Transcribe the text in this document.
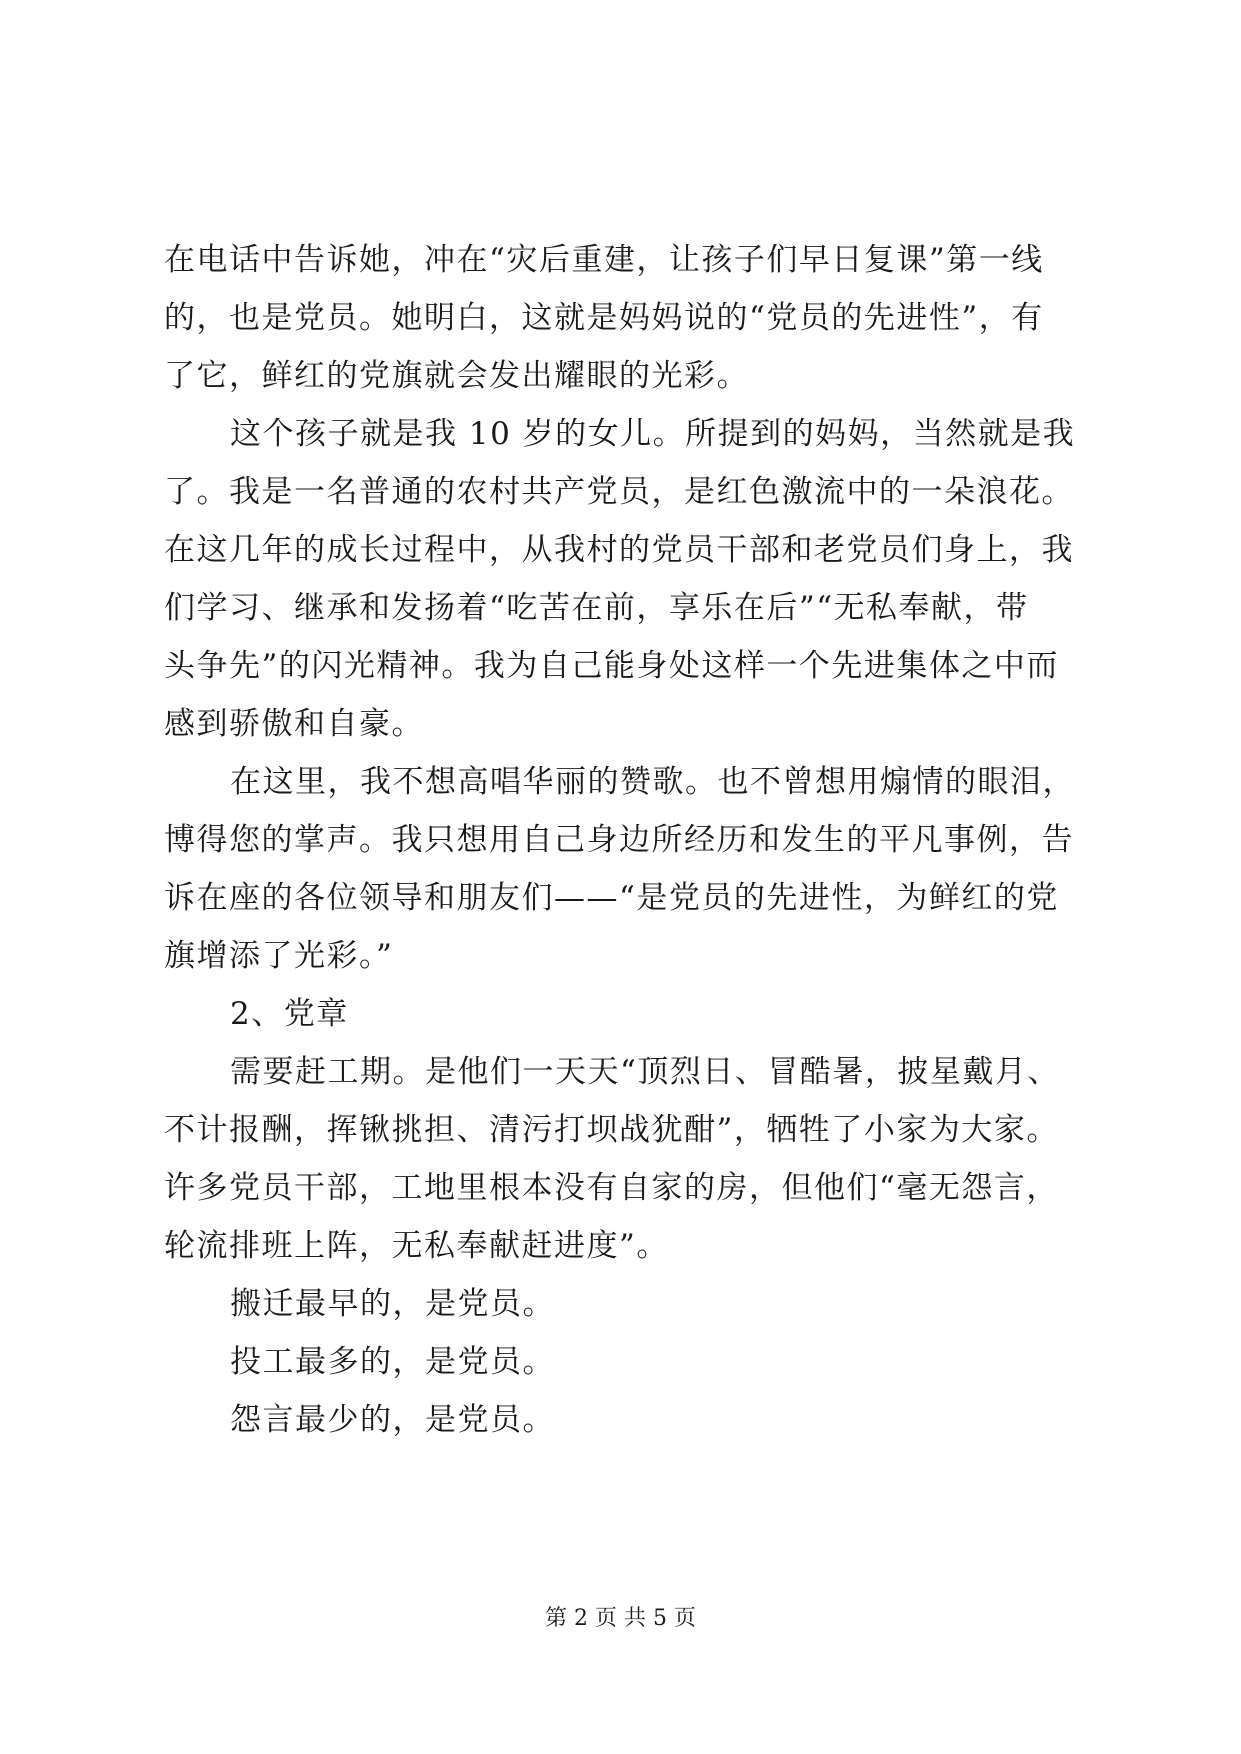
在电话中告诉她，冲在“灾后重建，让孩子们早日复课”第一线
的，也是党员。她明白，这就是妈妈说的“党员的先进性”，有
了它，鲜红的党旗就会发出耀眼的光彩。
这个孩子就是我 10 岁的女儿。所提到的妈妈，当然就是我
了。我是一名普通的农村共产党员，是红色激流中的一朵浪花。
在这几年的成长过程中，从我村的党员干部和老党员们身上，我
们学习、继承和发扬着“吃苦在前，享乐在后”“无私奉献，带
头争先”的闪光精神。我为自己能身处这样一个先进集体之中而
感到骄傲和自豪。
在这里，我不想高唱华丽的赞歌。也不曾想用煽情的眼泪，
博得您的掌声。我只想用自己身边所经历和发生的平凡事例，告
诉在座的各位领导和朋友们——“是党员的先进性，为鲜红的党
旗增添了光彩。”
2、党章
需要赶工期。是他们一天天“顶烈日、冒酷暑，披星戴月、
不计报酬，挥锹挑担、清污打坝战犹酣”，牺牲了小家为大家。
许多党员干部，工地里根本没有自家的房，但他们“毫无怨言，
轮流排班上阵，无私奉献赶进度”。
搬迁最早的，是党员。
投工最多的，是党员。
怨言最少的，是党员。
第 2 页 共 5 页
